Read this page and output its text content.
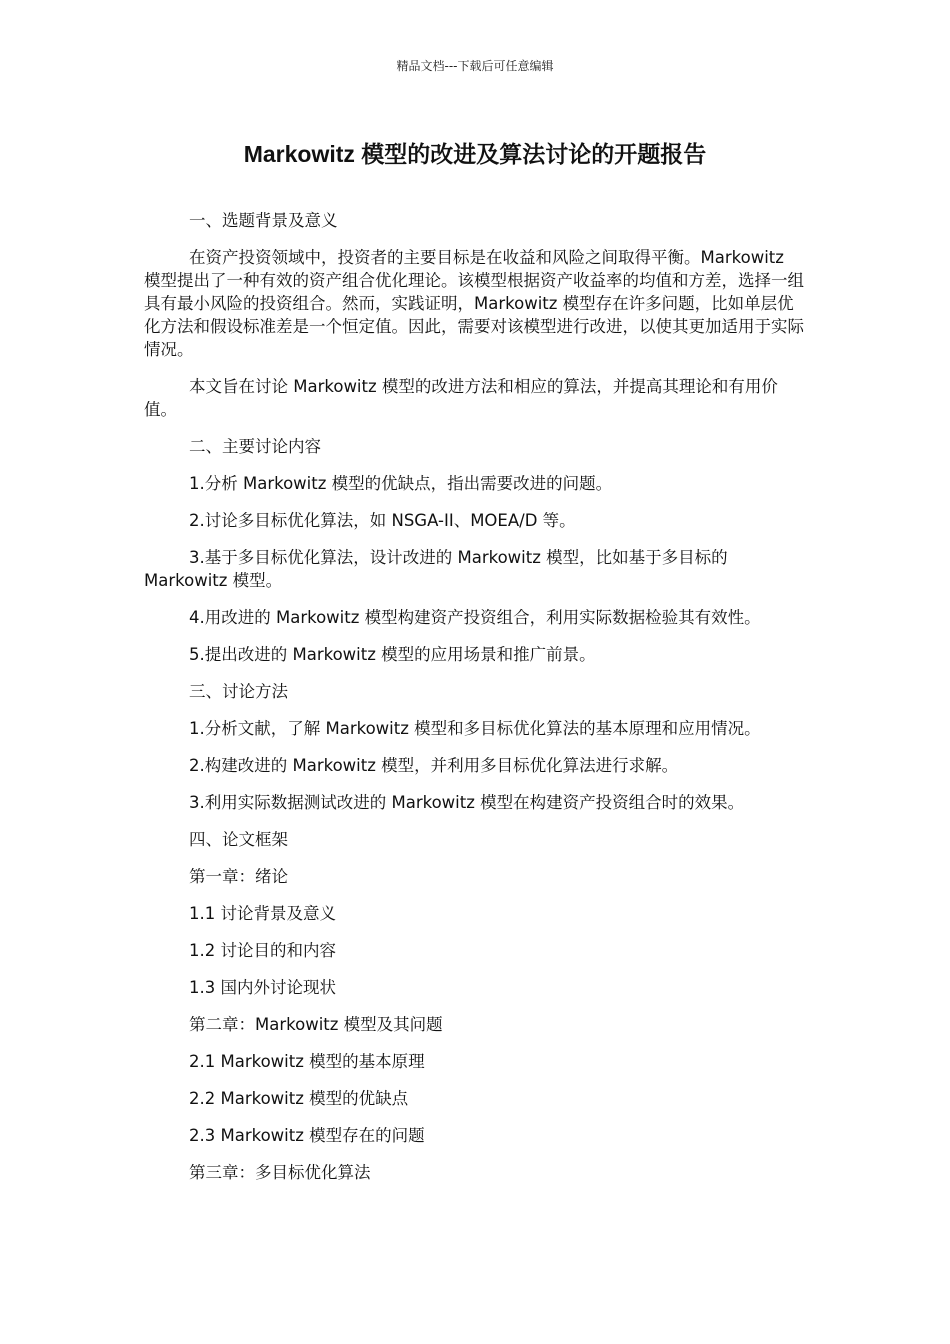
精品文档---下载后可任意编辑
Markowitz 模型的改进及算法讨论的开题报告

一、选题背景及意义

在资产投资领域中，投资者的主要目标是在收益和风险之间取得平衡。Markowitz 模型提出了一种有效的资产组合优化理论。该模型根据资产收益率的均值和方差，选择一组具有最小风险的投资组合。然而，实践证明，Markowitz 模型存在许多问题，比如单层优化方法和假设标准差是一个恒定值。因此，需要对该模型进行改进，以使其更加适用于实际情况。

本文旨在讨论 Markowitz 模型的改进方法和相应的算法，并提高其理论和有用价值。

二、主要讨论内容

1.分析 Markowitz 模型的优缺点，指出需要改进的问题。

2.讨论多目标优化算法，如 NSGA-II、MOEA/D 等。

3.基于多目标优化算法，设计改进的 Markowitz 模型，比如基于多目标的 Markowitz 模型。

4.用改进的 Markowitz 模型构建资产投资组合，利用实际数据检验其有效性。

5.提出改进的 Markowitz 模型的应用场景和推广前景。

三、讨论方法

1.分析文献，了解 Markowitz 模型和多目标优化算法的基本原理和应用情况。

2.构建改进的 Markowitz 模型，并利用多目标优化算法进行求解。

3.利用实际数据测试改进的 Markowitz 模型在构建资产投资组合时的效果。

四、论文框架

第一章：绪论

1.1 讨论背景及意义

1.2 讨论目的和内容

1.3 国内外讨论现状

第二章：Markowitz 模型及其问题

2.1 Markowitz 模型的基本原理

2.2 Markowitz 模型的优缺点

2.3 Markowitz 模型存在的问题

第三章：多目标优化算法
